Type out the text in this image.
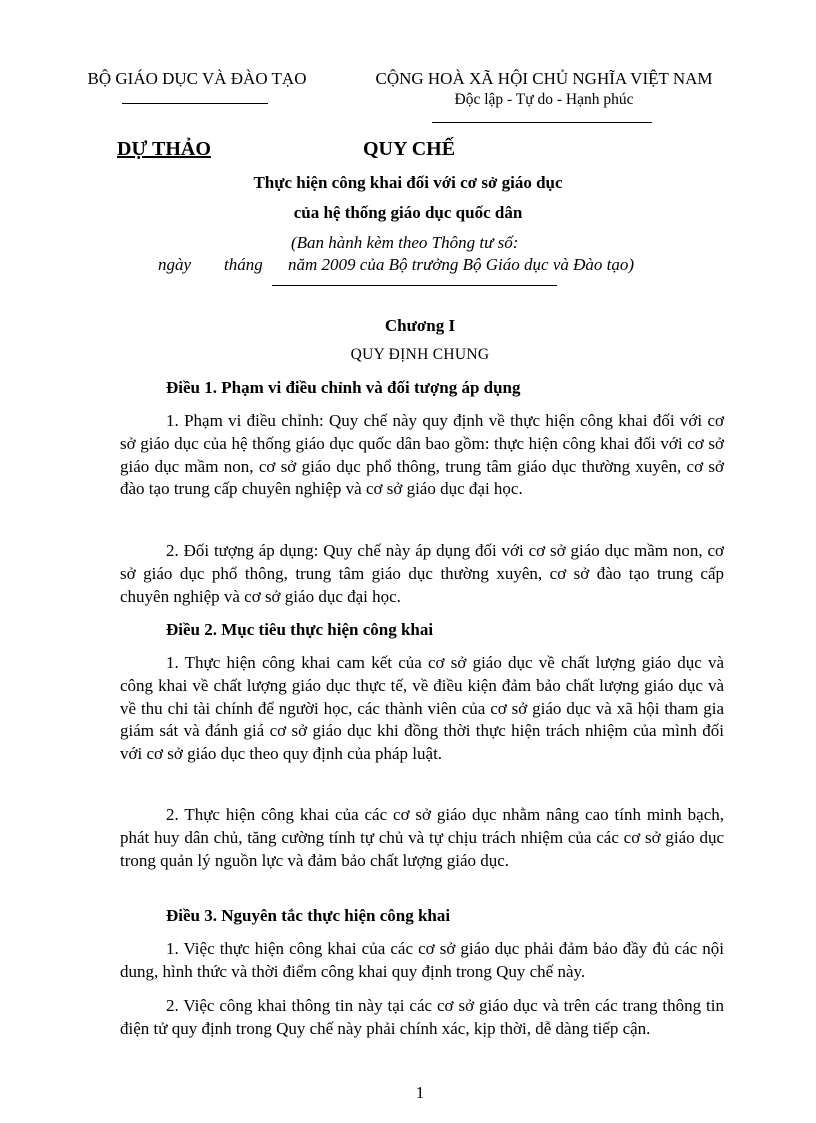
BỘ GIÁO DỤC VÀ ĐÀO TẠO	CỘNG HOÀ XÃ HỘI CHỦ NGHĨA VIỆT NAM
Độc lập - Tự do - Hạnh phúc
DỰ THẢO	QUY CHẾ
Thực hiện công khai đối với cơ sở giáo dục
của hệ thống giáo dục quốc dân
(Ban hành kèm theo Thông tư số:
ngày tháng năm 2009 của Bộ trưởng Bộ Giáo dục và Đào tạo)
Chương I
QUY ĐỊNH CHUNG
Điều 1. Phạm vi điều chỉnh và đối tượng áp dụng
1. Phạm vi điều chỉnh: Quy chế này quy định về thực hiện công khai đối với cơ sở giáo dục của hệ thống giáo dục quốc dân bao gồm: thực hiện công khai đối với cơ sở giáo dục mầm non, cơ sở giáo dục phổ thông, trung tâm giáo dục thường xuyên, cơ sở đào tạo trung cấp chuyên nghiệp và cơ sở giáo dục đại học.
2. Đối tượng áp dụng: Quy chế này áp dụng đối với cơ sở giáo dục mầm non, cơ sở giáo dục phổ thông, trung tâm giáo dục thường xuyên, cơ sở đào tạo trung cấp chuyên nghiệp và cơ sở giáo dục đại học.
Điều 2. Mục tiêu thực hiện công khai
1. Thực hiện công khai cam kết của cơ sở giáo dục về chất lượng giáo dục và công khai về chất lượng giáo dục thực tế, về điều kiện đảm bảo chất lượng giáo dục và về thu chi tài chính để người học, các thành viên của cơ sở giáo dục và xã hội tham gia giám sát và đánh giá cơ sở giáo dục khi đồng thời thực hiện trách nhiệm của mình đối với cơ sở giáo dục theo quy định của pháp luật.
2. Thực hiện công khai của các cơ sở giáo dục nhằm nâng cao tính minh bạch, phát huy dân chủ, tăng cường tính tự chủ và tự chịu trách nhiệm của các cơ sở giáo dục trong quản lý nguồn lực và đảm bảo chất lượng giáo dục.
Điều 3. Nguyên tắc thực hiện công khai
1. Việc thực hiện công khai của các cơ sở giáo dục phải đảm bảo đầy đủ các nội dung, hình thức và thời điểm công khai quy định trong Quy chế này.
2. Việc công khai thông tin này tại các cơ sở giáo dục và trên các trang thông tin điện tử quy định trong Quy chế này phải chính xác, kịp thời, dễ dàng tiếp cận.
1
